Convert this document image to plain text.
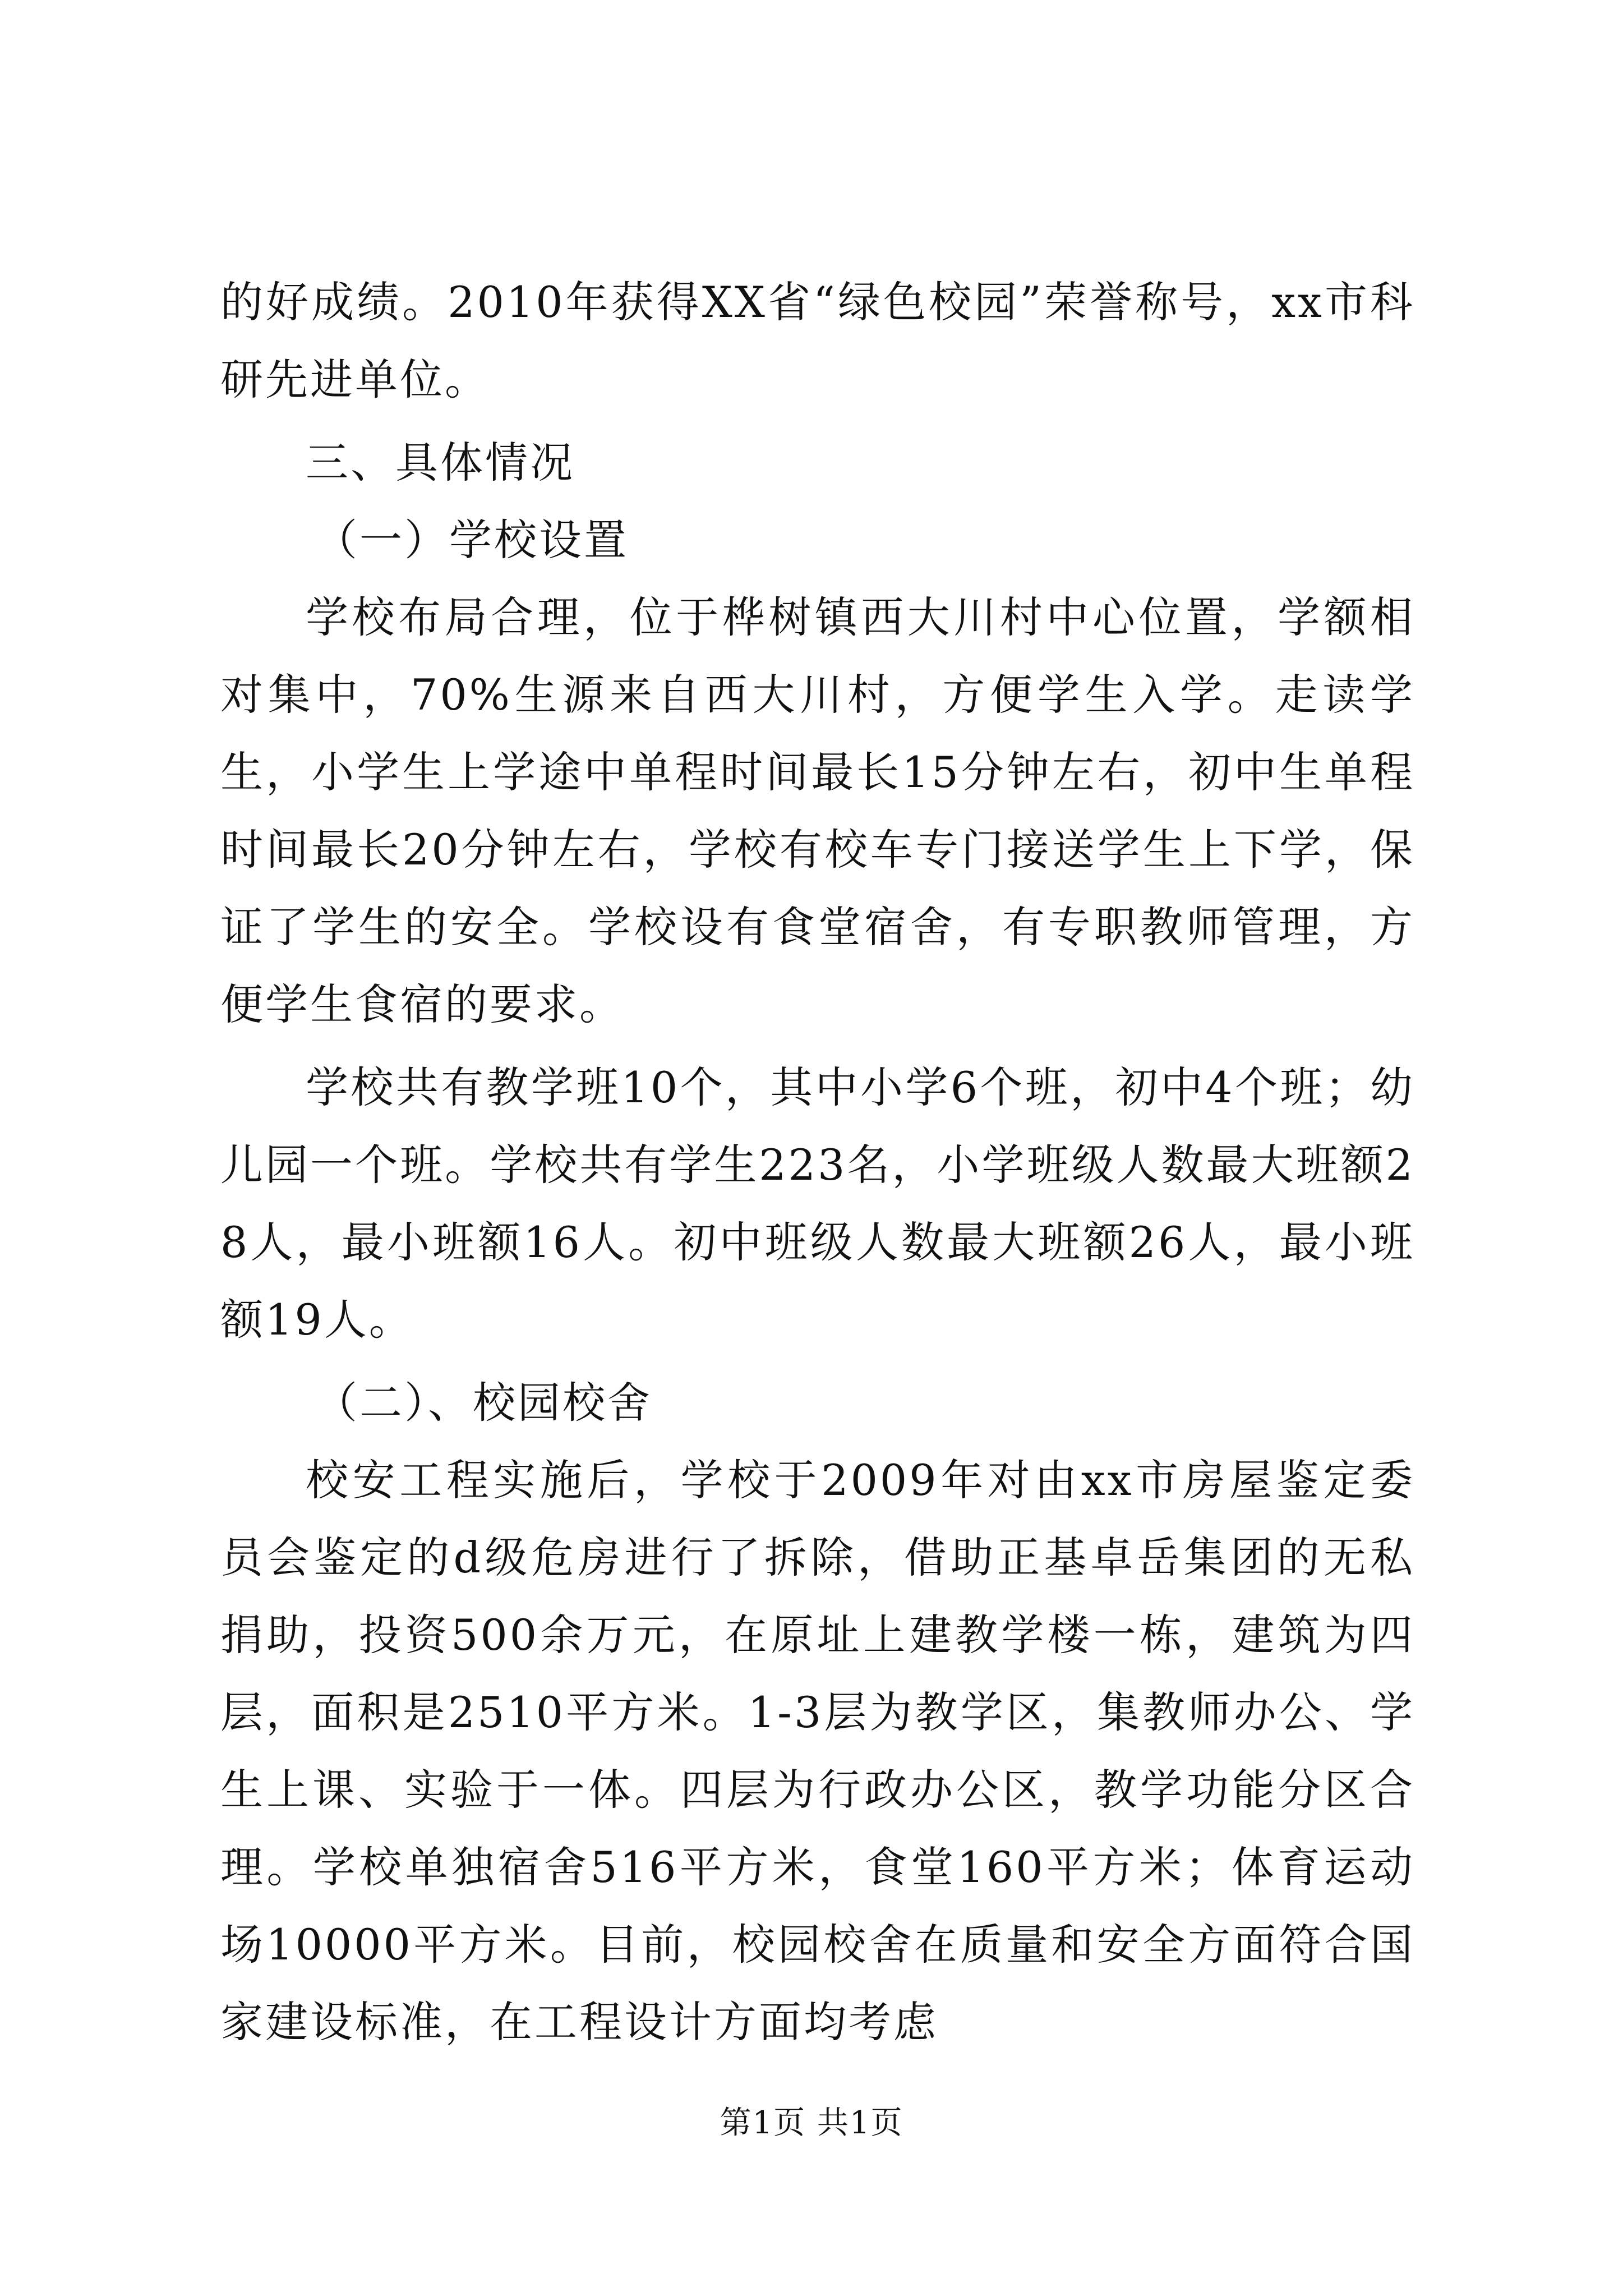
的好成绩。2010年获得XX省“绿色校园”荣誉称号，xx市科研先进单位。

三、具体情况

（一）学校设置

学校布局合理，位于桦树镇西大川村中心位置，学额相对集中，70%生源来自西大川村，方便学生入学。走读学生，小学生上学途中单程时间最长15分钟左右，初中生单程时间最长20分钟左右，学校有校车专门接送学生上下学，保证了学生的安全。学校设有食堂宿舍，有专职教师管理，方便学生食宿的要求。

学校共有教学班10个，其中小学6个班，初中4个班；幼儿园一个班。学校共有学生223名，小学班级人数最大班额28人，最小班额16人。初中班级人数最大班额26人，最小班额19人。

（二）、校园校舍

校安工程实施后，学校于2009年对由xx市房屋鉴定委员会鉴定的d级危房进行了拆除，借助正基卓岳集团的无私捐助，投资500余万元，在原址上建教学楼一栋，建筑为四层，面积是2510平方米。1-3层为教学区，集教师办公、学生上课、实验于一体。四层为行政办公区，教学功能分区合理。学校单独宿舍516平方米，食堂160平方米；体育运动场10000平方米。目前，校园校舍在质量和安全方面符合国家建设标准，在工程设计方面均考虑

第1页 共1页
